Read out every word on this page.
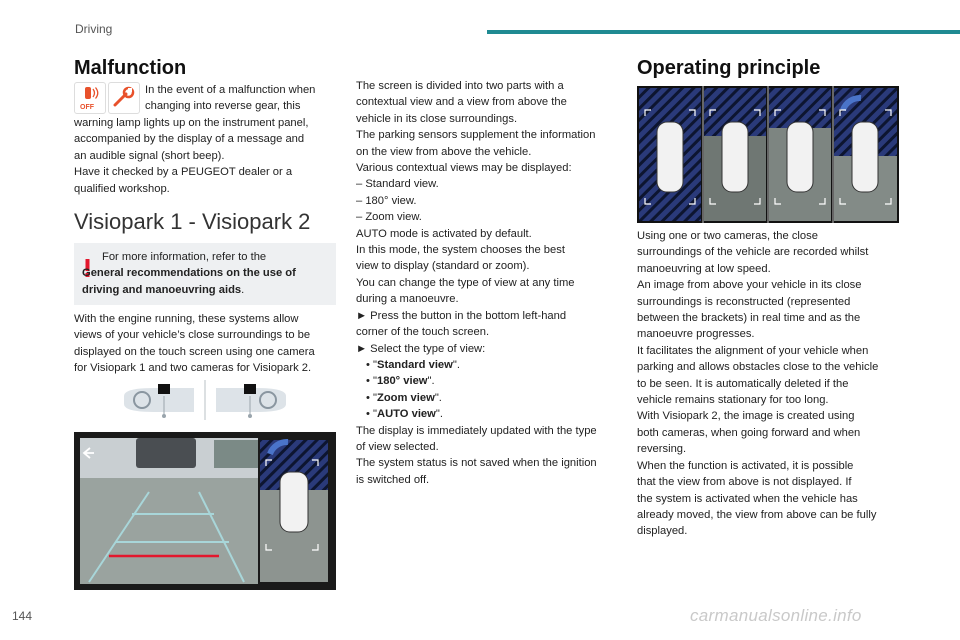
Driving
Malfunction
OFF
In the event of a malfunction when
changing into reverse gear, this
warning lamp lights up on the instrument panel,
accompanied by the display of a message and
an audible signal (short beep).
Have it checked by a PEUGEOT dealer or a
qualified workshop.
Visiopark 1 - Visiopark 2
For more information, refer to the
General recommendations on the use of driving and manoeuvring aids.
With the engine running, these systems allow
views of your vehicle’s close surroundings to be
displayed on the touch screen using one camera
for Visiopark 1 and two cameras for Visiopark 2.
The screen is divided into two parts with a
contextual view and a view from above the
vehicle in its close surroundings.
The parking sensors supplement the information
on the view from above the vehicle.
Various contextual views may be displayed:
– Standard view.
– 180° view.
– Zoom view.
AUTO mode is activated by default.
In this mode, the system chooses the best
view to display (standard or zoom).
You can change the type of view at any time
during a manoeuvre.
► Press the button in the bottom left-hand
corner of the touch screen.
► Select the type of view:
• "Standard view".
• "180° view".
• "Zoom view".
• "AUTO view".
The display is immediately updated with the type
of view selected.
The system status is not saved when the ignition
is switched off.
Operating principle
Using one or two cameras, the close
surroundings of the vehicle are recorded whilst
manoeuvring at low speed.
An image from above your vehicle in its close
surroundings is reconstructed (represented
between the brackets) in real time and as the
manoeuvre progresses.
It facilitates the alignment of your vehicle when
parking and allows obstacles close to the vehicle
to be seen. It is automatically deleted if the
vehicle remains stationary for too long.
With Visiopark 2, the image is created using
both cameras, when going forward and when
reversing.
When the function is activated, it is possible
that the view from above is not displayed. If
the system is activated when the vehicle has
already moved, the view from above can be fully
displayed.
144	carmanualsonline.info
